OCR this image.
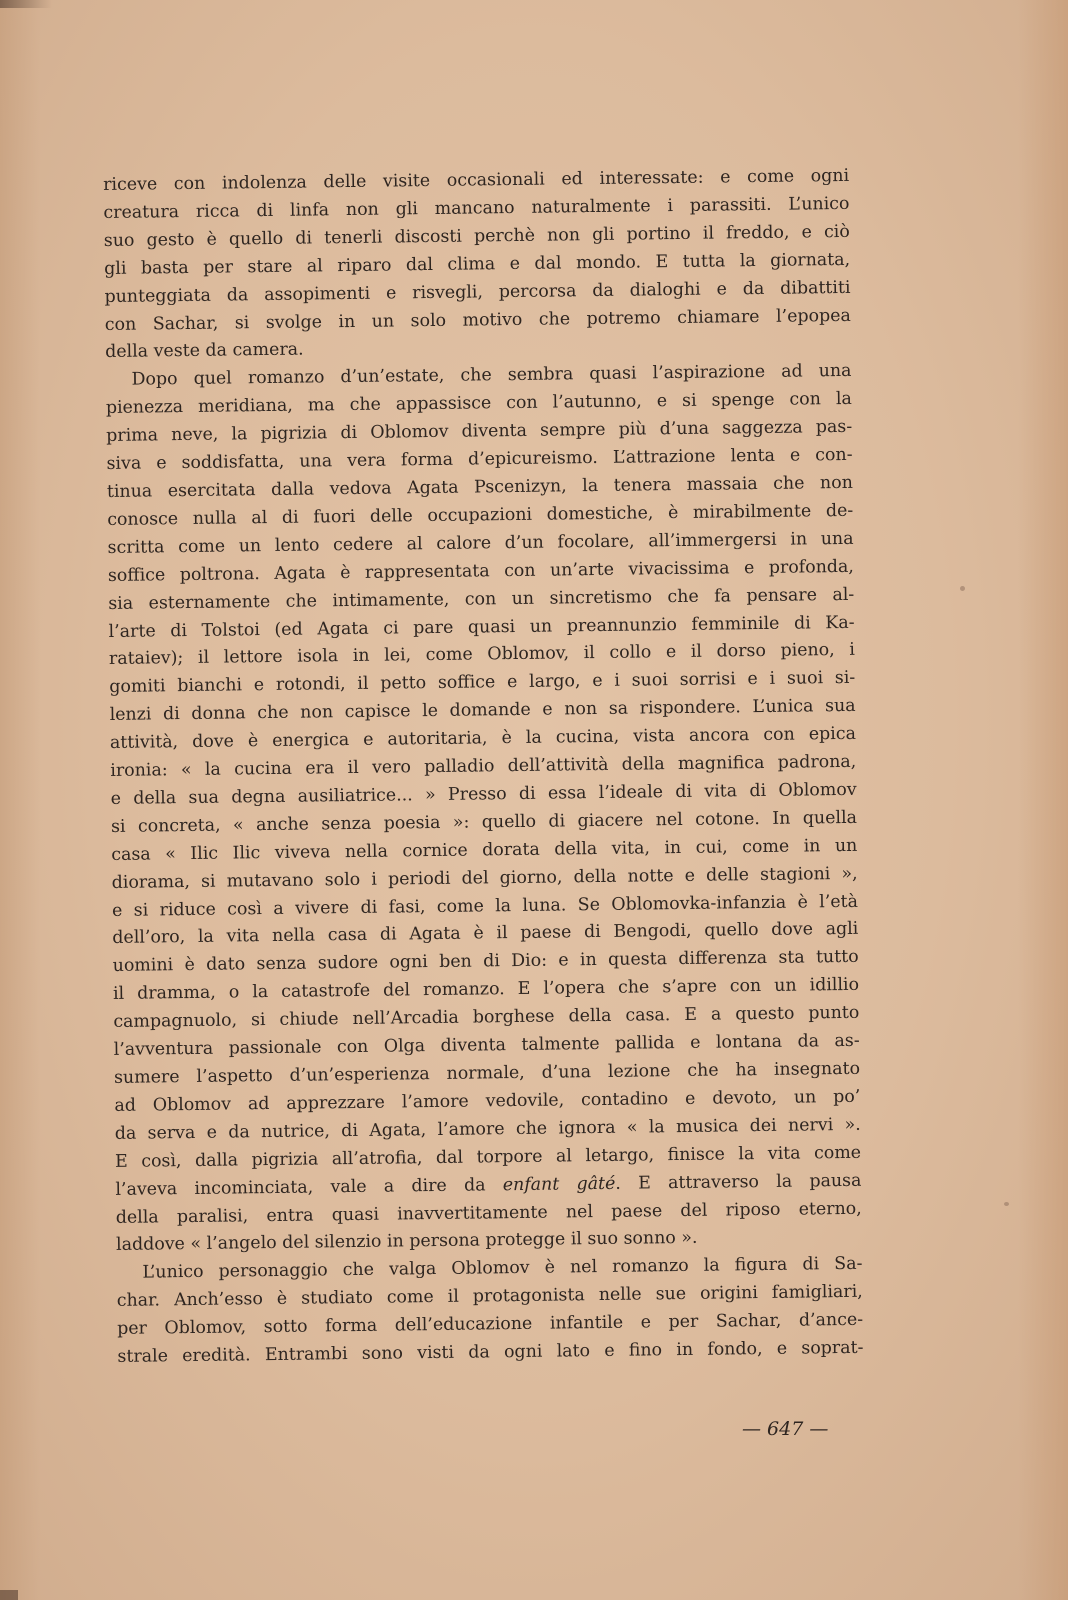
riceve con indolenza delle visite occasionali ed interessate: e come ogni

creatura ricca di linfa non gli mancano naturalmente i parassiti. L’unico

suo gesto è quello di tenerli discosti perchè non gli portino il freddo, e ciò

gli basta per stare al riparo dal clima e dal mondo. E tutta la giornata,

punteggiata da assopimenti e risvegli, percorsa da dialoghi e da dibattiti

con Sachar, si svolge in un solo motivo che potremo chiamare l’epopea

della veste da camera.

Dopo quel romanzo d’un’estate, che sembra quasi l’aspirazione ad una

pienezza meridiana, ma che appassisce con l’autunno, e si spenge con la

prima neve, la pigrizia di Oblomov diventa sempre più d’una saggezza pas-

siva e soddisfatta, una vera forma d’epicureismo. L’attrazione lenta e con-

tinua esercitata dalla vedova Agata Pscenizyn, la tenera massaia che non

conosce nulla al di fuori delle occupazioni domestiche, è mirabilmente de-

scritta come un lento cedere al calore d’un focolare, all’immergersi in una

soffice poltrona. Agata è rappresentata con un’arte vivacissima e profonda,

sia esternamente che intimamente, con un sincretismo che fa pensare al-

l’arte di Tolstoi (ed Agata ci pare quasi un preannunzio femminile di Ka-

rataiev); il lettore isola in lei, come Oblomov, il collo e il dorso pieno, i

gomiti bianchi e rotondi, il petto soffice e largo, e i suoi sorrisi e i suoi si-

lenzi di donna che non capisce le domande e non sa rispondere. L’unica sua

attività, dove è energica e autoritaria, è la cucina, vista ancora con epica

ironia: « la cucina era il vero palladio dell’attività della magnifica padrona,

e della sua degna ausiliatrice... » Presso di essa l’ideale di vita di Oblomov

si concreta, « anche senza poesia »: quello di giacere nel cotone. In quella

casa « Ilic Ilic viveva nella cornice dorata della vita, in cui, come in un

diorama, si mutavano solo i periodi del giorno, della notte e delle stagioni »,

e si riduce così a vivere di fasi, come la luna. Se Oblomovka-infanzia è l’età

dell’oro, la vita nella casa di Agata è il paese di Bengodi, quello dove agli

uomini è dato senza sudore ogni ben di Dio: e in questa differenza sta tutto

il dramma, o la catastrofe del romanzo. E l’opera che s’apre con un idillio

campagnuolo, si chiude nell’Arcadia borghese della casa. E a questo punto

l’avventura passionale con Olga diventa talmente pallida e lontana da as-

sumere l’aspetto d’un’esperienza normale, d’una lezione che ha insegnato

ad Oblomov ad apprezzare l’amore vedovile, contadino e devoto, un po’

da serva e da nutrice, di Agata, l’amore che ignora « la musica dei nervi ».

E così, dalla pigrizia all’atrofia, dal torpore al letargo, finisce la vita come

l’aveva incominciata, vale a dire da enfant gâté. E attraverso la pausa

della paralisi, entra quasi inavvertitamente nel paese del riposo eterno,

laddove « l’angelo del silenzio in persona protegge il suo sonno ».

L’unico personaggio che valga Oblomov è nel romanzo la figura di Sa-

char. Anch’esso è studiato come il protagonista nelle sue origini famigliari,

per Oblomov, sotto forma dell’educazione infantile e per Sachar, d’ance-

strale eredità. Entrambi sono visti da ogni lato e fino in fondo, e soprat-

— 647 —
